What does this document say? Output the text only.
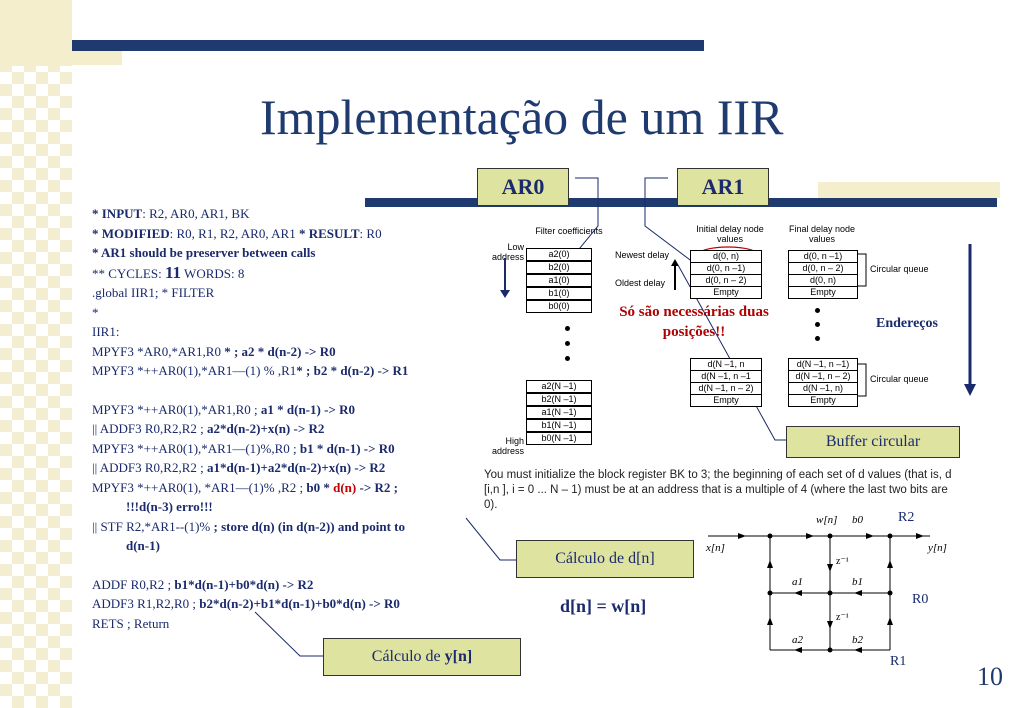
Implementação de um IIR
AR0	AR1
* INPUT: R2, AR0, AR1, BK
* MODIFIED: R0, R1, R2, AR0, AR1 * RESULT: R0
* AR1 should be preserver between calls
** CYCLES: 11 WORDS: 8
.global IIR1; * FILTER
*
IIR1:
MPYF3 *AR0,*AR1,R0 * ; a2 * d(n-2) -> R0
MPYF3 *++AR0(1),*AR1—(1) % ,R1* ; b2 * d(n-2) -> R1
MPYF3 *++AR0(1),*AR1,R0 ; a1 * d(n-1) -> R0
|| ADDF3 R0,R2,R2 ; a2*d(n-2)+x(n) -> R2
MPYF3 *++AR0(1),*AR1—(1)%,R0 ; b1 * d(n-1) -> R0
|| ADDF3 R0,R2,R2 ; a1*d(n-1)+a2*d(n-2)+x(n) -> R2
MPYF3 *++AR0(1), *AR1—(1)% ,R2 ; b0 * d(n) -> R2 ;
!!!d(n-3) erro!!!
|| STF R2,*AR1--(1)% ; store d(n) (in d(n-2)) and point to
d(n-1)
ADDF R0,R2 ; b1*d(n-1)+b0*d(n) -> R2
ADDF3 R1,R2,R0 ; b2*d(n-2)+b1*d(n-1)+b0*d(n) -> R0
RETS ; Return
Filter coefficients
Low address
High address
Initial delay node values
Newest delay
Oldest delay
Final delay node values
Circular queue
Circular queue
You must initialize the block register BK to 3; the beginning of each set of d values (that is, d [i,n ], i = 0 ... N – 1) must be at an address that is a multiple of 4 (where the last two bits are 0).
Só são necessárias duas posições!!
Endereços
Buffer circular
Cálculo de d[n]
Cálculo de y[n]
d[n] = w[n]
R2
R0
R1
w[n] b0
x[n]	y[n]
z⁻¹
a1	b1
z⁻¹
a2	b2
10
a2(0)
b2(0)
a1(0)
b1(0)
b0(0)
a2(N –1)
b2(N –1)
a1(N –1)
b1(N –1)
b0(N –1)
d(0, n)
d(0, n –1)
d(0, n – 2)
Empty
d(N –1, n
d(N –1, n –1
d(N –1, n – 2)
Empty
d(0, n –1)
d(0, n – 2)
d(0, n)
Empty
d(N –1, n –1)
d(N –1, n – 2)
d(N –1, n)
Empty
